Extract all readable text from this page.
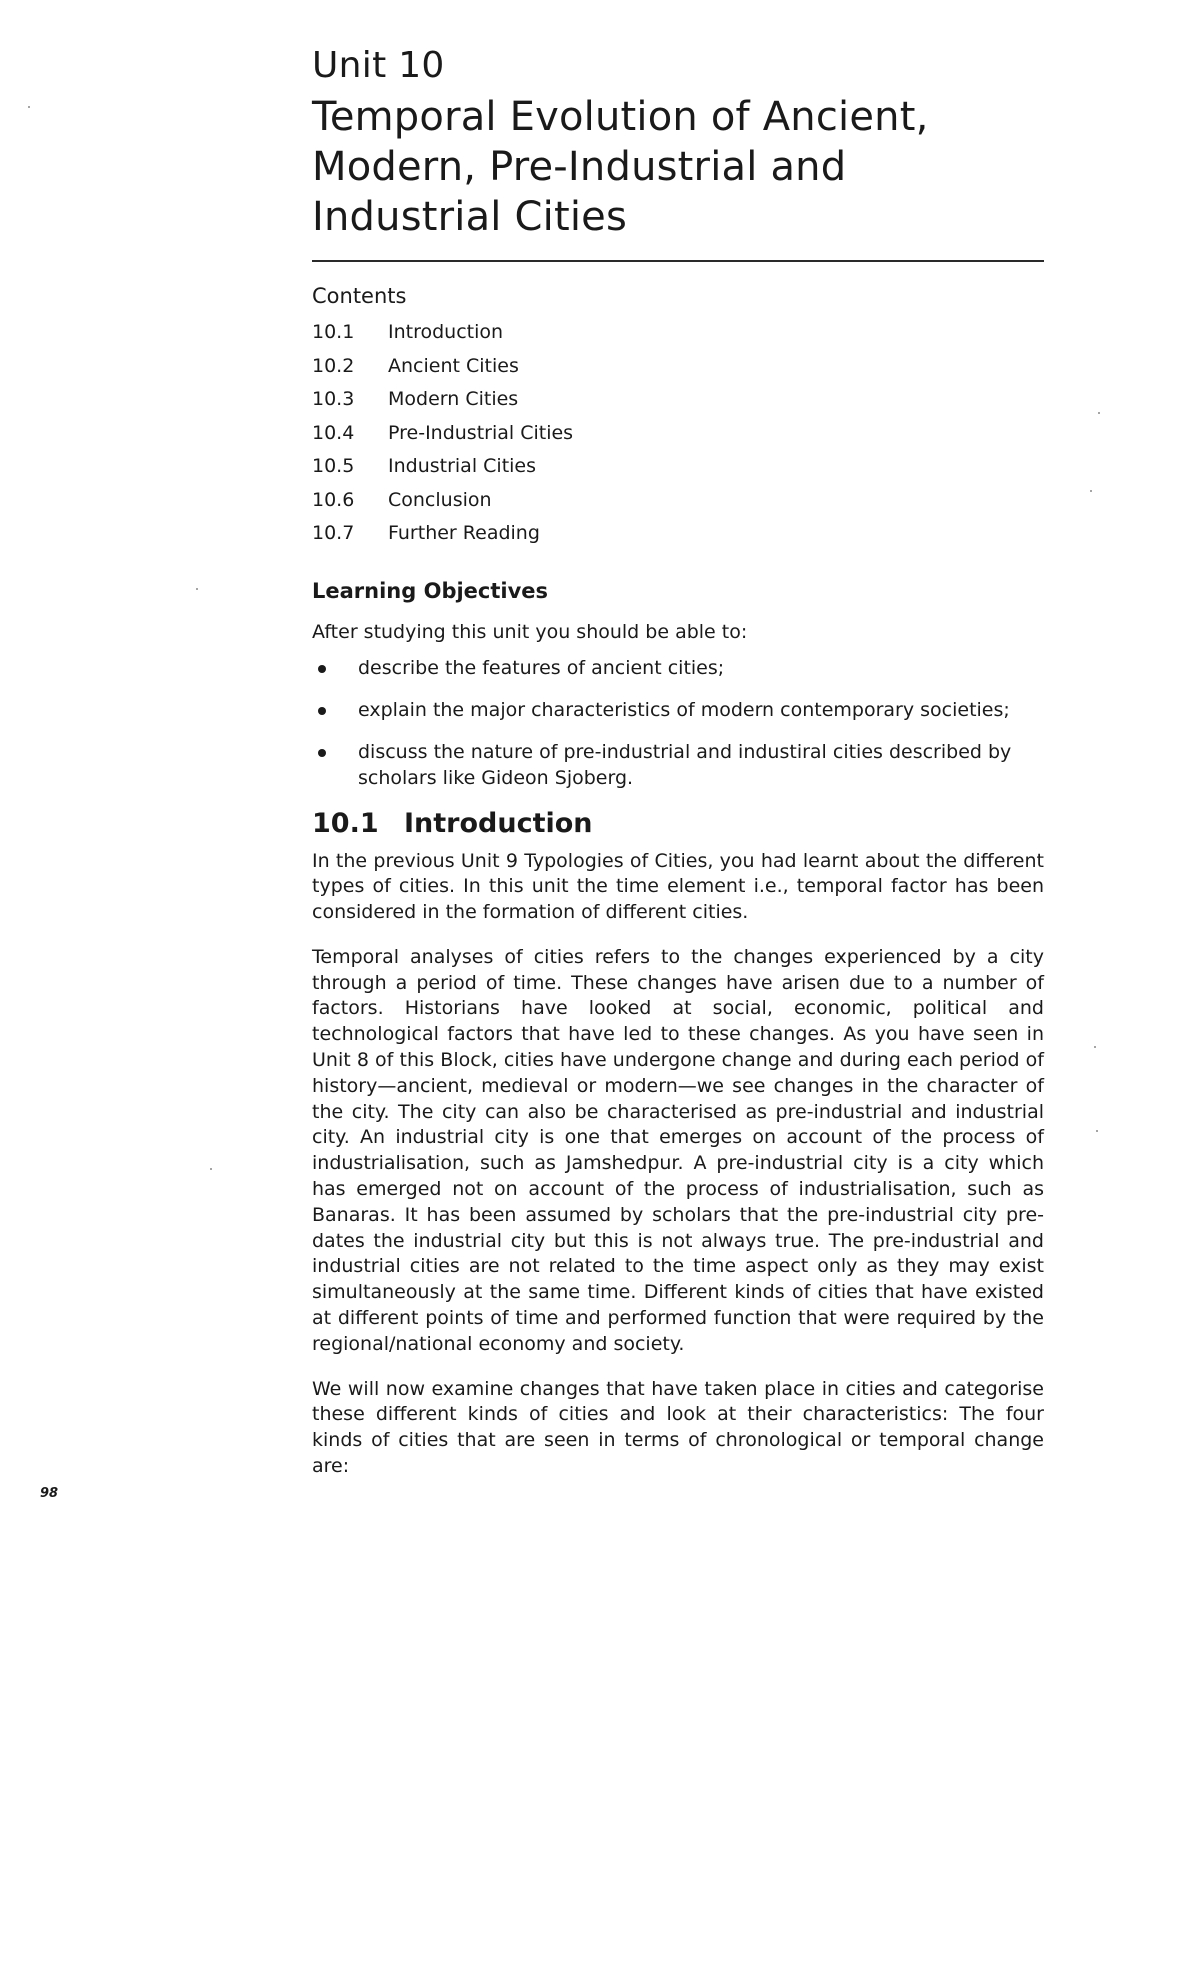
Unit 10
Temporal Evolution of Ancient,
Modern, Pre-Industrial and
Industrial Cities
Contents
10.1	Introduction
10.2	Ancient Cities
10.3	Modern Cities
10.4	Pre-Industrial Cities
10.5	Industrial Cities
10.6	Conclusion
10.7	Further Reading
Learning Objectives

After studying this unit you should be able to:

describe the features of ancient cities;
explain the major characteristics of modern contemporary societies;
discuss the nature of pre-industrial and industiral cities described by scholars like Gideon Sjoberg.
10.1 Introduction

In the previous Unit 9 Typologies of Cities, you had learnt about the different types of cities. In this unit the time element i.e., temporal factor has been considered in the formation of different cities.

Temporal analyses of cities refers to the changes experienced by a city through a period of time. These changes have arisen due to a number of factors. Historians have looked at social, economic, political and technological factors that have led to these changes. As you have seen in Unit 8 of this Block, cities have undergone change and during each period of history—ancient, medieval or modern—we see changes in the character of the city. The city can also be characterised as pre-industrial and industrial city. An industrial city is one that emerges on account of the process of industrialisation, such as Jamshedpur. A pre-industrial city is a city which has emerged not on account of the process of industrialisation, such as Banaras. It has been assumed by scholars that the pre-industrial city pre-dates the industrial city but this is not always true. The pre-industrial and industrial cities are not related to the time aspect only as they may exist simultaneously at the same time. Different kinds of cities that have existed at different points of time and performed function that were required by the regional/national economy and society.

We will now examine changes that have taken place in cities and categorise these different kinds of cities and look at their characteristics: The four kinds of cities that are seen in terms of chronological or temporal change are:

98
